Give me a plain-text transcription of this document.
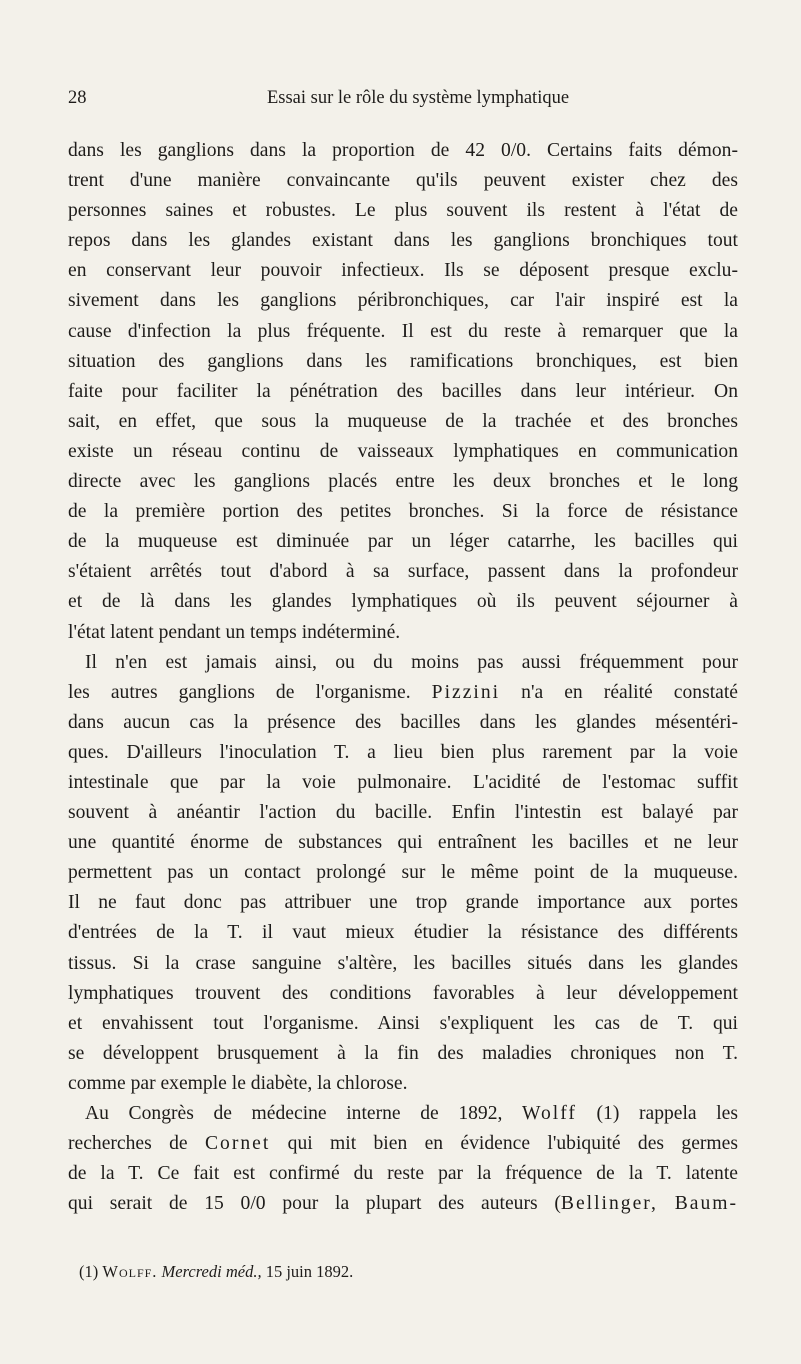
28	Essai sur le rôle du système lymphatique
dans les ganglions dans la proportion de 42 0/0. Certains faits démon-
trent d'une manière convaincante qu'ils peuvent exister chez des
personnes saines et robustes. Le plus souvent ils restent à l'état de
repos dans les glandes existant dans les ganglions bronchiques tout
en conservant leur pouvoir infectieux. Ils se déposent presque exclu-
sivement dans les ganglions péribronchiques, car l'air inspiré est la
cause d'infection la plus fréquente. Il est du reste à remarquer que la
situation des ganglions dans les ramifications bronchiques, est bien
faite pour faciliter la pénétration des bacilles dans leur intérieur. On
sait, en effet, que sous la muqueuse de la trachée et des bronches
existe un réseau continu de vaisseaux lymphatiques en communication
directe avec les ganglions placés entre les deux bronches et le long
de la première portion des petites bronches. Si la force de résistance
de la muqueuse est diminuée par un léger catarrhe, les bacilles qui
s'étaient arrêtés tout d'abord à sa surface, passent dans la profondeur
et de là dans les glandes lymphatiques où ils peuvent séjourner à
l'état latent pendant un temps indéterminé.
Il n'en est jamais ainsi, ou du moins pas aussi fréquemment pour
les autres ganglions de l'organisme. Pizzini n'a en réalité constaté
dans aucun cas la présence des bacilles dans les glandes mésentéri-
ques. D'ailleurs l'inoculation T. a lieu bien plus rarement par la voie
intestinale que par la voie pulmonaire. L'acidité de l'estomac suffit
souvent à anéantir l'action du bacille. Enfin l'intestin est balayé par
une quantité énorme de substances qui entraînent les bacilles et ne leur
permettent pas un contact prolongé sur le même point de la muqueuse.
Il ne faut donc pas attribuer une trop grande importance aux portes
d'entrées de la T. il vaut mieux étudier la résistance des différents
tissus. Si la crase sanguine s'altère, les bacilles situés dans les glandes
lymphatiques trouvent des conditions favorables à leur développement
et envahissent tout l'organisme. Ainsi s'expliquent les cas de T. qui
se développent brusquement à la fin des maladies chroniques non T.
comme par exemple le diabète, la chlorose.
Au Congrès de médecine interne de 1892, Wolff (1) rappela les
recherches de Cornet qui mit bien en évidence l'ubiquité des germes
de la T. Ce fait est confirmé du reste par la fréquence de la T. latente
qui serait de 15 0/0 pour la plupart des auteurs (Bellinger, Baum-
(1) Wolff. Mercredi méd., 15 juin 1892.
